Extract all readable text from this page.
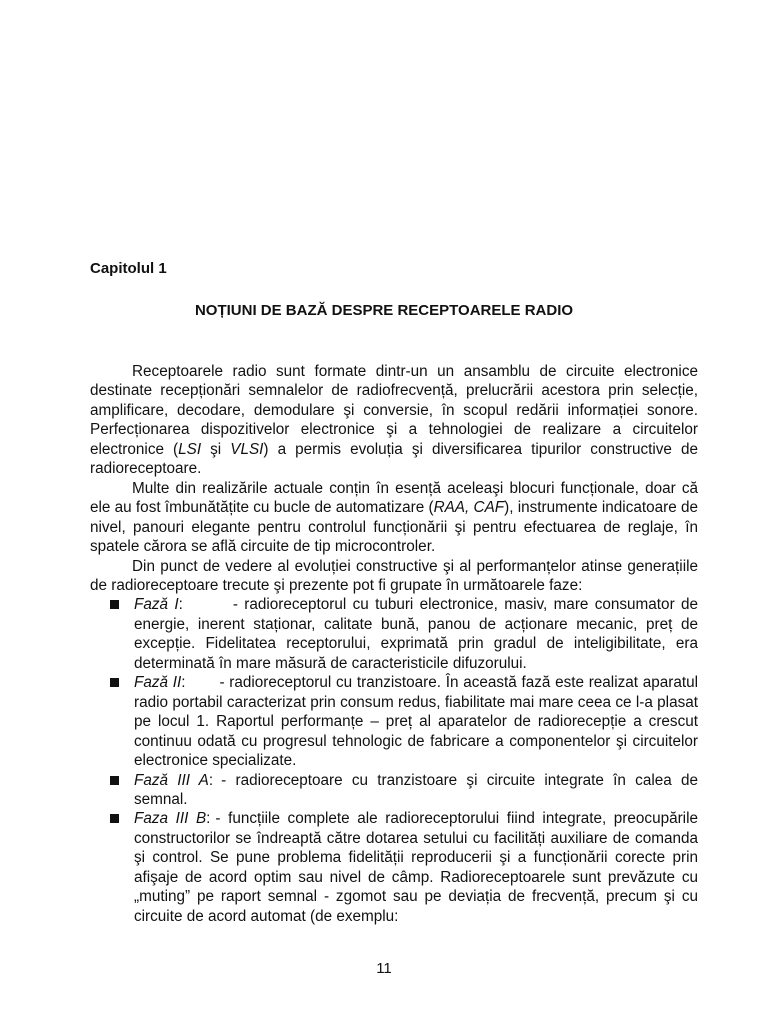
Capitolul 1
NOȚIUNI DE BAZĂ DESPRE RECEPTOARELE RADIO

Receptoarele radio sunt formate dintr-un un ansamblu de circuite electronice destinate recepționări semnalelor de radiofrecvență, prelucrării acestora prin selecție, amplificare, decodare, demodulare şi conversie, în scopul redării informației sonore. Perfecționarea dispozitivelor electronice şi a tehnologiei de realizare a circuitelor electronice (LSI şi VLSI) a permis evoluția şi diversificarea tipurilor constructive de radioreceptoare.

Multe din realizările actuale conțin în esență aceleaşi blocuri funcționale, doar că ele au fost îmbunătățite cu bucle de automatizare (RAA, CAF), instrumente indicatoare de nivel, panouri elegante pentru controlul funcționării şi pentru efectuarea de reglaje, în spatele cărora se află circuite de tip microcontroler.

Din punct de vedere al evoluției constructive şi al performanțelor atinse generațiile de radioreceptoare trecute şi prezente pot fi grupate în următoarele faze:

Fază I:	- radioreceptorul cu tuburi electronice, masiv, mare consumator de energie, inerent staționar, calitate bună, panou de acționare mecanic, preț de excepție. Fidelitatea receptorului, exprimată prin gradul de inteligibilitate, era determinată în mare măsură de caracteristicile difuzorului.
Fază II: - radioreceptorul cu tranzistoare. În această fază este realizat aparatul radio portabil caracterizat prin consum redus, fiabilitate mai mare ceea ce l-a plasat pe locul 1. Raportul performanțe – preț al aparatelor de radiorecepție a crescut continuu odată cu progresul tehnologic de fabricare a componentelor şi circuitelor electronice specializate.
Fază III A: - radioreceptoare cu tranzistoare şi circuite integrate în calea de semnal.
Faza III B: - funcțiile complete ale radioreceptorului fiind integrate, preocupările constructorilor se îndreaptă către dotarea setului cu facilități auxiliare de comanda şi control. Se pune problema fidelității reproducerii şi a funcționării corecte prin afişaje de acord optim sau nivel de câmp. Radioreceptoarele sunt prevăzute cu „muting” pe raport semnal - zgomot sau pe deviația de frecvență, precum şi cu circuite de acord automat (de exemplu:
11
